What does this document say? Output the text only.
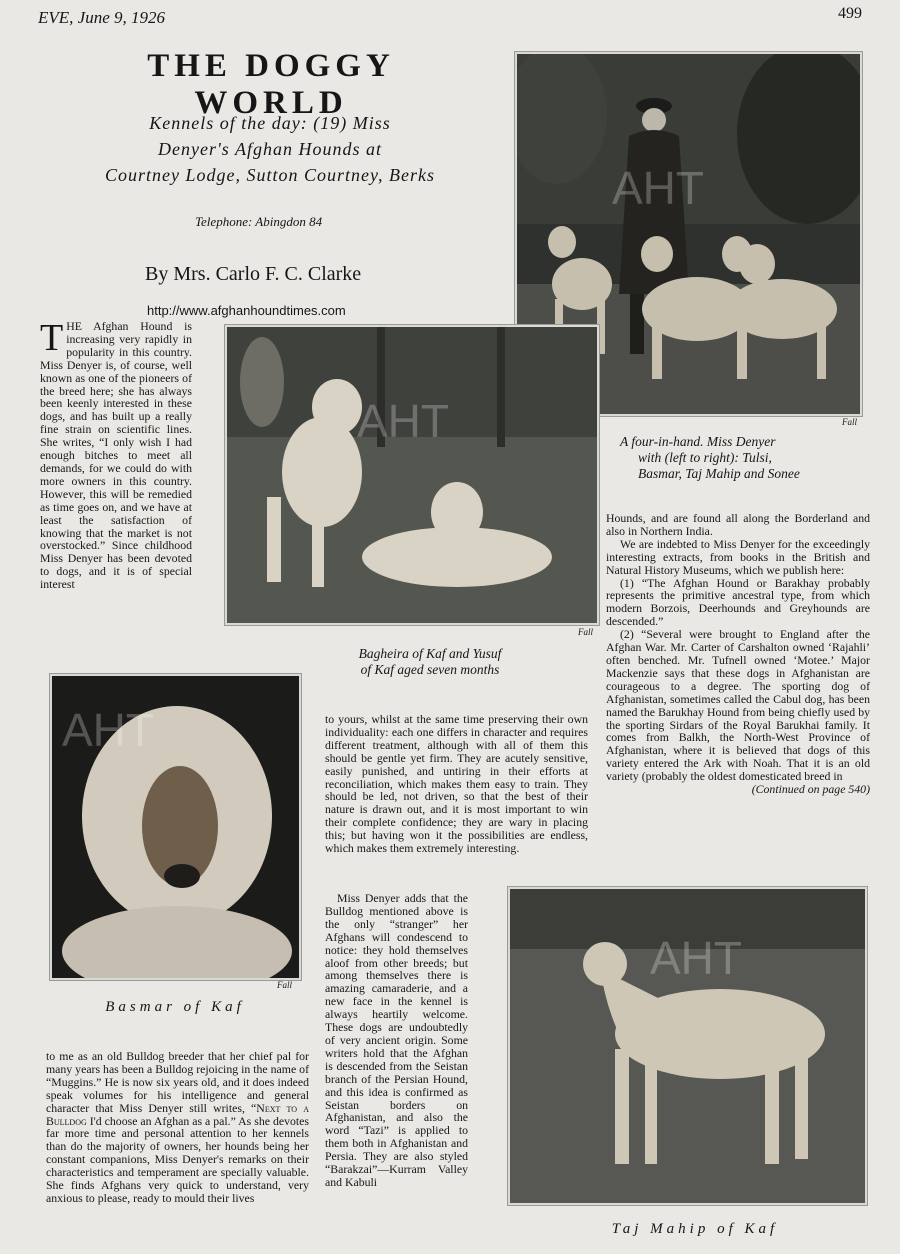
EVE, June 9, 1926	499
THE DOGGY WORLD
Kennels of the day: (19) Miss
Denyer's Afghan Hounds at
Courtney Lodge, Sutton Courtney, Berks
Telephone: Abingdon 84
By Mrs. Carlo F. C. Clarke
http://www.afghanhoundtimes.com
AHT
Fall
A four-in-hand. Miss Denyer
with (left to right): Tulsi,
Basmar, Taj Mahip and Sonee
T HE Afghan Hound is increasing very rapidly in popularity in this country. Miss Denyer is, of course, well known as one of the pioneers of the breed here; she has always been keenly interested in these dogs, and has built up a really fine strain on scientific lines. She writes, “I only wish I had enough bitches to meet all demands, for we could do with more owners in this country. However, this will be remedied as time goes on, and we have at least the satisfaction of knowing that the market is not overstocked.” Since childhood Miss Denyer has been devoted to dogs, and it is of special interest

AHT
Fall
Bagheira of Kaf and Yusuf
of Kaf aged seven months
AHT
Fall
Basmar of Kaf

to me as an old Bulldog breeder that her chief pal for many years has been a Bulldog rejoicing in the name of “Muggins.” He is now six years old, and it does indeed speak volumes for his intelligence and general character that Miss Denyer still writes, “Next to a Bulldog I'd choose an Afghan as a pal.” As she devotes far more time and personal attention to her kennels than do the majority of owners, her hounds being her constant companions, Miss Denyer's remarks on their characteristics and temperament are specially valuable. She finds Afghans very quick to understand, very anxious to please, ready to mould their lives

to yours, whilst at the same time preserving their own individuality: each one differs in character and requires different treatment, although with all of them this should be gentle yet firm. They are acutely sensitive, easily punished, and untiring in their efforts at reconciliation, which makes them easy to train. They should be led, not driven, so that the best of their nature is drawn out, and it is most important to win their complete confidence; they are wary in placing this; but having won it the possibilities are endless, which makes them extremely interesting.

Miss Denyer adds that the Bulldog mentioned above is the only “stranger” her Afghans will condescend to notice: they hold themselves aloof from other breeds; but among themselves there is amazing camaraderie, and a new face in the kennel is always heartily welcome. These dogs are undoubtedly of very ancient origin. Some writers hold that the Afghan is descended from the Seistan branch of the Persian Hound, and this idea is confirmed as Seistan borders on Afghanistan, and also the word “Tazi” is applied to them both in Afghanistan and Persia. They are also styled “Barakzai”—Kurram Valley and Kabuli

Hounds, and are found all along the Borderland and also in Northern India.

We are indebted to Miss Denyer for the exceedingly interesting extracts, from books in the British and Natural History Museums, which we publish here:

(1) “The Afghan Hound or Barakhay probably represents the primitive ancestral type, from which modern Borzois, Deerhounds and Greyhounds are descended.”

(2) “Several were brought to England after the Afghan War. Mr. Carter of Carshalton owned ‘Rajahli’ often benched. Mr. Tufnell owned ‘Motee.’ Major Mackenzie says that these dogs in Afghanistan are courageous to a degree. The sporting dog of Afghanistan, sometimes called the Cabul dog, has been named the Barukhay Hound from being chiefly used by the sporting Sirdars of the Royal Barukhai family. It comes from Balkh, the North-West Province of Afghanistan, where it is believed that dogs of this variety entered the Ark with Noah. That it is an old variety (probably the oldest domesticated breed in

(Continued on page 540)
AHT
Taj Mahip of Kaf
